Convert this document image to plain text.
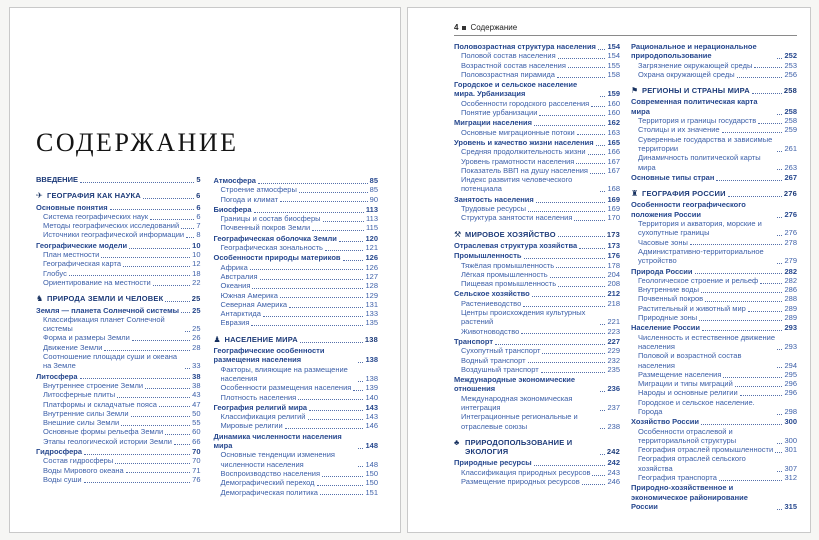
СОДЕРЖАНИЕ
ВВЕДЕНИЕ	5
✈ ГЕОГРАФИЯ КАК НАУКА	6
Основные понятия	6
Система географических наук	6
Методы географических исследований 7
Источники географической информации 8
Географические модели	10
План местности	10
Географическая карта	12
Глобус	18
Ориентирование на местности	22
♞ ПРИРОДА ЗЕМЛИ И ЧЕЛОВЕК	25
Земля — планета Солнечной системы 25
Классификация планет Солнечной системы	25
Форма и размеры Земли	26
Движение Земли	28
Соотношение площади суши и океана на Земле	33
Литосфера	38
Внутреннее строение Земли	38
Литосферные плиты	43
Платформы и складчатые пояса	47
Внутренние силы Земли	50
Внешние силы Земли	55
Основные формы рельефа Земли	60
Этапы геологической истории Земли	66
Гидросфера	70
Состав гидросферы	70
Воды Мирового океана	71
Воды суши	76
Атмосфера	85
Строение атмосферы	85
Погода и климат	90
Биосфера	113
Границы и состав биосферы	113
Почвенный покров Земли	115
Географическая оболочка Земли	120
Географическая зональность	121
Особенности природы материков	126
Африка	126
Австралия	127
Океания	128
Южная Америка	129
Северная Америка	131
Антарктида	133
Евразия	135
♟ НАСЕЛЕНИЕ МИРА	138
Географические особенности размещения населения	138
Факторы, влияющие на размещение населения	138
Особенности размещения населения 139
Плотность населения	140
География религий мира	143
Классификация религий	143
Мировые религии	146
Динамика численности населения мира	148
Основные тенденции изменения численности населения	148
Воспроизводство населения	150
Демографический переход	150
Демографическая политика	151
4 Содержание
Половозрастная структура населения 154
Половой состав населения	154
Возрастной состав населения	155
Половозрастная пирамида	158
Городское и сельское население мира. Урбанизация	159
Особенности городского расселения 160
Понятие урбанизации	160
Миграции населения	162
Основные миграционные потоки	163
Уровень и качество жизни населения 165
Средняя продолжительность жизни	166
Уровень грамотности населения	167
Показатель ВВП на душу населения	167
Индекс развития человеческого потенциала	168
Занятость населения	169
Трудовые ресурсы	169
Структура занятости населения	170
⚒ МИРОВОЕ ХОЗЯЙСТВО	173
Отраслевая структура хозяйства	173
Промышленность	176
Тяжёлая промышленность	178
Лёгкая промышленность	204
Пищевая промышленность	208
Сельское хозяйство	212
Растениеводство	218
Центры происхождения культурных растений	221
Животноводство	223
Транспорт	227
Сухопутный транспорт	229
Водный транспорт	232
Воздушный транспорт	235
Международные экономические отношения	236
Международная экономическая интеграция	237
Интеграционные региональные и отраслевые союзы	238
♣ ПРИРОДОПОЛЬЗОВАНИЕ И ЭКОЛОГИЯ	242
Природные ресурсы	242
Классификация природных ресурсов 243
Размещение природных ресурсов	246
Рациональное и нерациональное природопользование	252
Загрязнение окружающей среды	253
Охрана окружающей среды	256
⚑ РЕГИОНЫ И СТРАНЫ МИРА	258
Современная политическая карта мира	258
Территория и границы государств	258
Столицы и их значение	259
Суверенные государства и зависимые территории	261
Динамичность политической карты мира	263
Основные типы стран	267
♜ ГЕОГРАФИЯ РОССИИ	276
Особенности географического положения России	276
Территория и акватория, морские и сухопутные границы	276
Часовые зоны	278
Административно-территориальное устройство	279
Природа России	282
Геологическое строение и рельеф	282
Внутренние воды	286
Почвенный покров	288
Растительный и животный мир	289
Природные зоны	289
Население России	293
Численность и естественное движение населения	293
Половой и возрастной состав населения	294
Размещение населения	295
Миграции и типы миграций	296
Народы и основные религии	296
Городское и сельское население. Города	298
Хозяйство России	300
Особенности отраслевой и территориальной структуры	300
География отраслей промышленности 301
География отраслей сельского хозяйства	307
География транспорта	312
Природно-хозяйственное и экономическое районирование России	315
